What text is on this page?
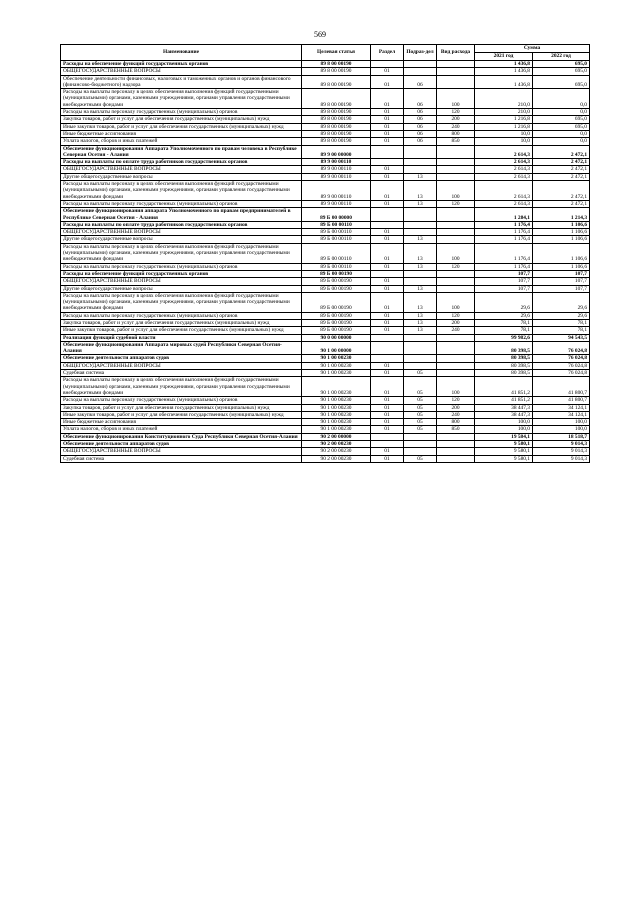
569
Наименование	Целевая статья	Раздел	Подраз-дел	Вид расхода	Сумма	
					2021 год	2022 год
Расходы на обеспечение функций государственных органов	89 8 00 00190				1 436,8	695,0
ОБЩЕГОСУДАРСТВЕННЫЕ ВОПРОСЫ	89 8 00 00190	01			1 436,8	695,0
Обеспечение деятельности финансовых, налоговых и таможенных органов и органов финансового (финансово-бюджетного) надзора	89 8 00 00190	01	06		1 436,8	695,0
Расходы на выплаты персоналу в целях обеспечения выполнения функций государственными (муниципальными) органами, казенными учреждениями, органами управления государственными внебюджетными фондами	89 8 00 00190	01	06	100	210,0	0,0
Расходы на выплаты персоналу государственных (муниципальных) органов	89 8 00 00190	01	06	120	210,0	0,0
Закупка товаров, работ и услуг для обеспечения государственных (муниципальных) нужд	89 8 00 00190	01	06	200	1 216,8	695,0
Иные закупки товаров, работ и услуг для обеспечения государственных (муниципальных) нужд	89 8 00 00190	01	06	240	1 216,8	695,0
Иные бюджетные ассигнования	89 8 00 00190	01	06	800	10,0	0,0
Уплата налогов, сборов и иных платежей	89 8 00 00190	01	06	850	10,0	0,0
Обеспечение функционирования Аппарата Уполномоченного по правам человека в Республике Северная Осетия - Алания	89 9 00 00000				2 614,3	2 472,1
Расходы на выплаты по оплате труда работников государственных органов	89 9 00 00110				2 614,3	2 472,1
ОБЩЕГОСУДАРСТВЕННЫЕ ВОПРОСЫ	89 9 00 00110	01			2 614,3	2 472,1
Другие общегосударственные вопросы	89 9 00 00110	01	13		2 614,3	2 472,1
Расходы на выплаты персоналу в целях обеспечения выполнения функций государственными (муниципальными) органами, казенными учреждениями, органами управления государственными внебюджетными фондами	89 9 00 00110	01	13	100	2 614,3	2 472,1
Расходы на выплаты персоналу государственных (муниципальных) органов	89 9 00 00110	01	13	120	2 614,3	2 472,1
Обеспечение функционирования аппарата Уполномоченного по правам предпринимателей в Республике Северная Осетия - Алания	89 Б 00 00000				1 284,1	1 214,3
Расходы на выплаты по оплате труда работников государственных органов	89 Б 00 00110				1 176,4	1 106,6
ОБЩЕГОСУДАРСТВЕННЫЕ ВОПРОСЫ	89 Б 00 00110	01			1 176,4	1 106,6
Другие общегосударственные вопросы	89 Б 00 00110	01	13		1 176,4	1 106,6
Расходы на выплаты персоналу в целях обеспечения выполнения функций государственными (муниципальными) органами, казенными учреждениями, органами управления государственными внебюджетными фондами	89 Б 00 00110	01	13	100	1 176,4	1 106,6
Расходы на выплаты персоналу государственных (муниципальных) органов	89 Б 00 00110	01	13	120	1 176,4	1 106,6
Расходы на обеспечение функций государственных органов	89 Б 00 00190				107,7	107,7
ОБЩЕГОСУДАРСТВЕННЫЕ ВОПРОСЫ	89 Б 00 00190	01			107,7	107,7
Другие общегосударственные вопросы	89 Б 00 00190	01	13		107,7	107,7
Расходы на выплаты персоналу в целях обеспечения выполнения функций государственными (муниципальными) органами, казенными учреждениями, органами управления государственными внебюджетными фондами	89 Б 00 00190	01	13	100	29,6	29,6
Расходы на выплаты персоналу государственных (муниципальных) органов	89 Б 00 00190	01	13	120	29,6	29,6
Закупка товаров, работ и услуг для обеспечения государственных (муниципальных) нужд	89 Б 00 00190	01	13	200	78,1	78,1
Иные закупки товаров, работ и услуг для обеспечения государственных (муниципальных) нужд	89 Б 00 00190	01	13	240	78,1	78,1
Реализация функций судебной власти	90 0 00 00000				99 982,6	94 543,5
Обеспечение функционирования Аппарата мировых судей Республики Северная Осетия-Алания	90 1 00 00000				80 398,5	76 024,8
Обеспечение деятельности аппаратов судов	90 1 00 00230				80 398,5	76 024,8
ОБЩЕГОСУДАРСТВЕННЫЕ ВОПРОСЫ	90 1 00 00230	01			80 398,5	76 024,8
Судебная система	90 1 00 00230	01	05		80 398,5	76 024,8
Расходы на выплаты персоналу в целях обеспечения выполнения функций государственными (муниципальными) органами, казенными учреждениями, органами управления государственными внебюджетными фондами	90 1 00 00230	01	05	100	41 851,2	41 800,7
Расходы на выплаты персоналу государственных (муниципальных) органов	90 1 00 00230	01	05	120	41 851,2	41 800,7
Закупка товаров, работ и услуг для обеспечения государственных (муниципальных) нужд	90 1 00 00230	01	05	200	38 447,3	34 124,1
Иные закупки товаров, работ и услуг для обеспечения государственных (муниципальных) нужд	90 1 00 00230	01	05	240	38 447,3	34 124,1
Иные бюджетные ассигнования	90 1 00 00230	01	05	800	100,0	100,0
Уплата налогов, сборов и иных платежей	90 1 00 00230	01	05	850	100,0	100,0
Обеспечение функционирования Конституционного Суда Республики Северная Осетия-Алания	90 2 00 00000				19 584,1	18 518,7
Обеспечение деятельности аппаратов судов	90 2 00 00230				9 580,1	9 014,3
ОБЩЕГОСУДАРСТВЕННЫЕ ВОПРОСЫ	90 2 00 00230	01			9 580,1	9 014,3
Судебная система	90 2 00 00230	01	05		9 580,1	9 014,3
